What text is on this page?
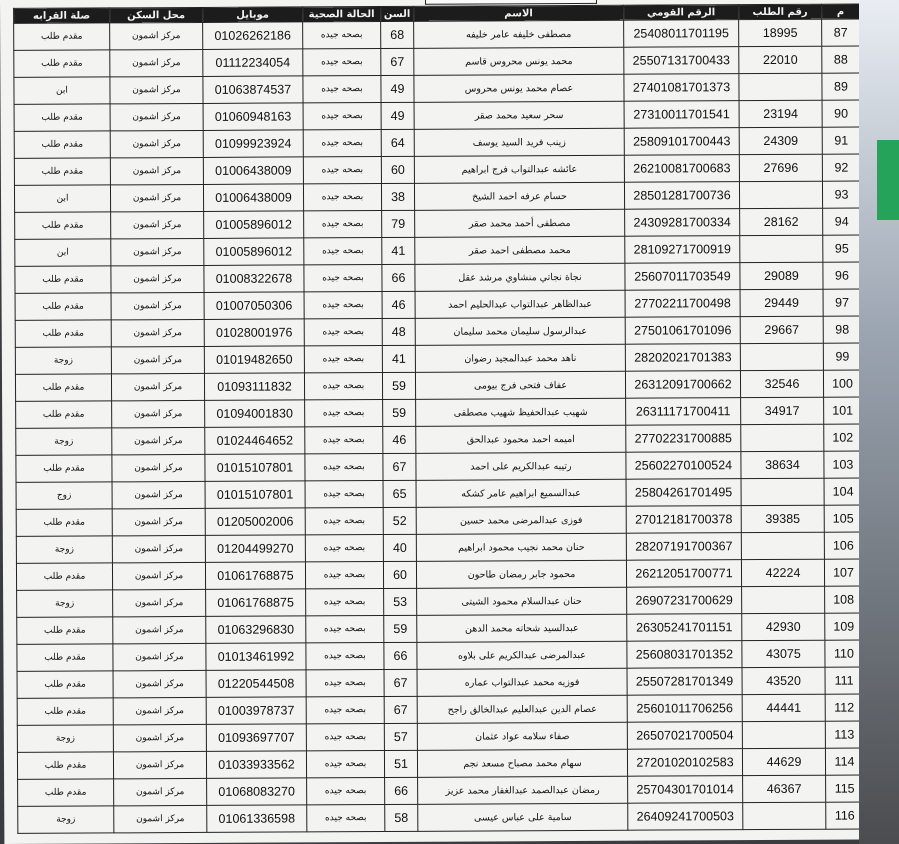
م	رقم الطلب	الرقم القومي	الاسم	السن	الحالة الصحية	موبايل	محل السكن	صلة القرابه
87	18995	25408011701195	مصطفى خليفه عامر خليفه	68	بصحه جيده	01026262186	مركز اشمون	مقدم طلب
88	22010	25507131700433	محمد يونس محروس قاسم	67	بصحه جيده	01112234054	مركز اشمون	مقدم طلب
89		27401081701373	عصام محمد يونس محروس	49	بصحه جيده	01063874537	مركز اشمون	ابن
90	23194	27310011701541	سحر سعيد محمد صقر	49	بصحه جيده	01060948163	مركز اشمون	مقدم طلب
91	24309	25809101700443	زينب فريد السيد يوسف	64	بصحه جيده	01099923924	مركز اشمون	مقدم طلب
92	27696	26210081700683	عائشه عبدالتواب فرج ابراهيم	60	بصحه جيده	01006438009	مركز اشمون	مقدم طلب
93		28501281700736	حسام عرفه احمد الشيخ	38	بصحه جيده	01006438009	مركز اشمون	ابن
94	28162	24309281700334	مصطفى أحمد محمد صقر	79	بصحه جيده	01005896012	مركز اشمون	مقدم طلب
95		28109271700919	محمد مصطفى احمد صقر	41	بصحه جيده	01005896012	مركز اشمون	ابن
96	29089	25607011703549	نجاة نجاتي منشاوي مرشد عقل	66	بصحه جيده	01008322678	مركز اشمون	مقدم طلب
97	29449	27702211700498	عبدالظاهر عبدالتواب عبدالحليم احمد	46	بصحه جيده	01007050306	مركز اشمون	مقدم طلب
98	29667	27501061701096	عبدالرسول سليمان محمد سليمان	48	بصحه جيده	01028001976	مركز اشمون	مقدم طلب
99		28202021701383	ناهد محمد عبدالمجيد رضوان	41	بصحه جيده	01019482650	مركز اشمون	زوجة
100	32546	26312091700662	عفاف فتحى فرج بيومى	59	بصحه جيده	01093111832	مركز اشمون	مقدم طلب
101	34917	26311171700411	شهيب عبدالحفيظ شهيب مصطفى	59	بصحه جيده	01094001830	مركز اشمون	مقدم طلب
102		27702231700885	اميمه احمد محمود عبدالحق	46	بصحه جيده	01024464652	مركز اشمون	زوجة
103	38634	25602270100524	رتيبه عبدالكريم على احمد	67	بصحه جيده	01015107801	مركز اشمون	مقدم طلب
104		25804261701495	عبدالسميع ابراهيم عامر كشكه	65	بصحه جيده	01015107801	مركز اشمون	زوج
105	39385	27012181700378	فوزى عبدالمرضى محمد حسين	52	بصحه جيده	01205002006	مركز اشمون	مقدم طلب
106		28207191700367	حنان محمد نجيب محمود ابراهيم	40	بصحه جيده	01204499270	مركز اشمون	زوجة
107	42224	26212051700771	محمود جابر رمضان طاحون	60	بصحه جيده	01061768875	مركز اشمون	مقدم طلب
108		26907231700629	حنان عبدالسلام محمود الشيتى	53	بصحه جيده	01061768875	مركز اشمون	زوجة
109	42930	26305241701151	عبدالسيد شحاته محمد الدهن	59	بصحه جيده	01063296830	مركز اشمون	مقدم طلب
110	43075	25608031701352	عبدالمرضى عبدالكريم على بلاوه	66	بصحه جيده	01013461992	مركز اشمون	مقدم طلب
111	43520	25507281701349	فوزيه محمد عبدالتواب عماره	67	بصحه جيده	01220544508	مركز اشمون	مقدم طلب
112	44441	25601011706256	عصام الدين عبدالعليم عبدالخالق راجح	67	بصحه جيده	01003978737	مركز اشمون	مقدم طلب
113		26507021700504	صفاء سلامه عواد عثمان	57	بصحه جيده	01093697707	مركز اشمون	زوجة
114	44629	27201020102583	سهام محمد مصباح مسعد نجم	51	بصحه جيده	01033933562	مركز اشمون	مقدم طلب
115	46367	25704301701014	رمضان عبدالصمد عبدالغفار محمد عزيز	66	بصحه جيده	01068083270	مركز اشمون	مقدم طلب
116		26409241700503	سامية على عباس عيسى	58	بصحه جيده	01061336598	مركز اشمون	زوجة
